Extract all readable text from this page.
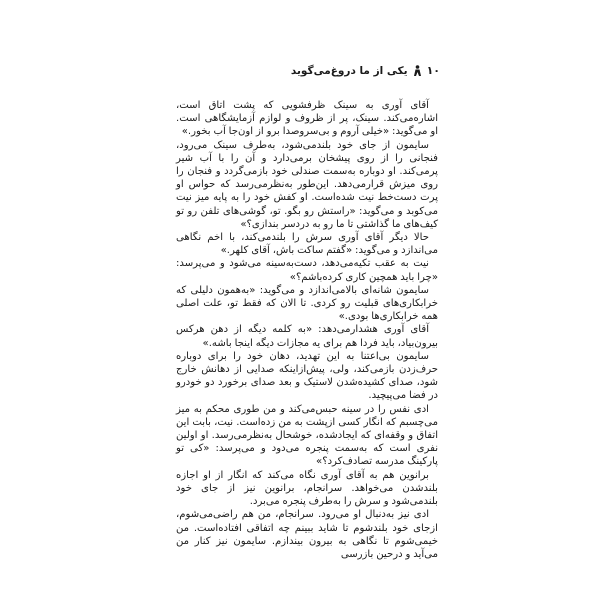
۱۰
یکی از ما دروغ‌می‌گوید

آقای آوری به سینک ظرفشویی که پشت اتاق است، اشاره‌می‌کند. سینک، پر از ظروف و لوازم آزمایشگاهی است. او می‌گوید: «خیلی آروم و بی‌سروصدا برو از اون‌جا آب بخور.»

سایمون از جای خود بلندمی‌شود، به‌طرف سینک می‌رود، فنجانی را از روی پیشخان برمی‌دارد و آن را با آب شیر پرمی‌کند. او دوباره به‌سمت صندلی خود بازمی‌گردد و فنجان را روی میزش قرارمی‌دهد. این‌طور به‌نظرمی‌رسد که حواس او پرت دست‌خط نیت شده‌است. او کفش خود را به پایه میز نیت می‌کوبد و می‌گوید: «راستش رو بگو. تو، گوشی‌های تلفن رو تو کیف‌های ما گذاشتی تا ما رو به دردسر بندازی؟»

حالا دیگر آقای آوری سرش را بلندمی‌کند، با اخم نگاهی می‌اندازد و می‌گوید: «گفتم ساکت باش، آقای کلهر.»

نیت به عقب تکیه‌می‌دهد، دست‌به‌سینه می‌شود و می‌پرسد: «چرا باید همچین کاری کرده‌باشم؟»

سایمون شانه‌ای بالامی‌اندازد و می‌گوید: «به‌همون دلیلی که خرابکاری‌های قبلیت رو کردی. تا الان که فقط تو، علت اصلی همه خرابکاری‌ها بودی.»

آقای آوری هشدارمی‌دهد: «به کلمه دیگه از دهن هرکس بیرون‌بیاد، باید فردا هم برای یه مجازات دیگه اینجا باشه.»

سایمون بی‌اعتنا به این تهدید، دهان خود را برای دوباره حرف‌زدن بازمی‌کند، ولی، پیش‌ازاینکه صدایی از دهانش خارج شود، صدای کشیده‌شدن لاستیک و بعد صدای برخورد دو خودرو در فضا می‌پیچید.

ادی نفس را در سینه حبس‌می‌کند و من طوری محکم به میز می‌چسبم که انگار کسی ازپشت به من زده‌است. نیت، بابت این اتفاق و وقفه‌ای که ایجادشده، خوشحال به‌نظرمی‌رسد. او اولین نفری است که به‌سمت پنجره می‌دود و می‌پرسد: «کی تو پارکینگ مدرسه تصادف‌کرد؟»

برانوین هم به آقای آوری نگاه می‌کند که انگار از او اجازه بلندشدن می‌خواهد. سرانجام، برانوین نیز از جای خود بلندمی‌شود و سرش را به‌طرف پنجره می‌برد.

ادی نیز به‌دنبال او می‌رود. سرانجام، من هم راضی‌می‌شوم، ازجای خود بلندشوم تا شاید ببینم چه اتفاقی افتاده‌است. من خیمی‌شوم تا نگاهی به بیرون بیندازم. سایمون نیز کنار من می‌آید و درحین بازرسی
